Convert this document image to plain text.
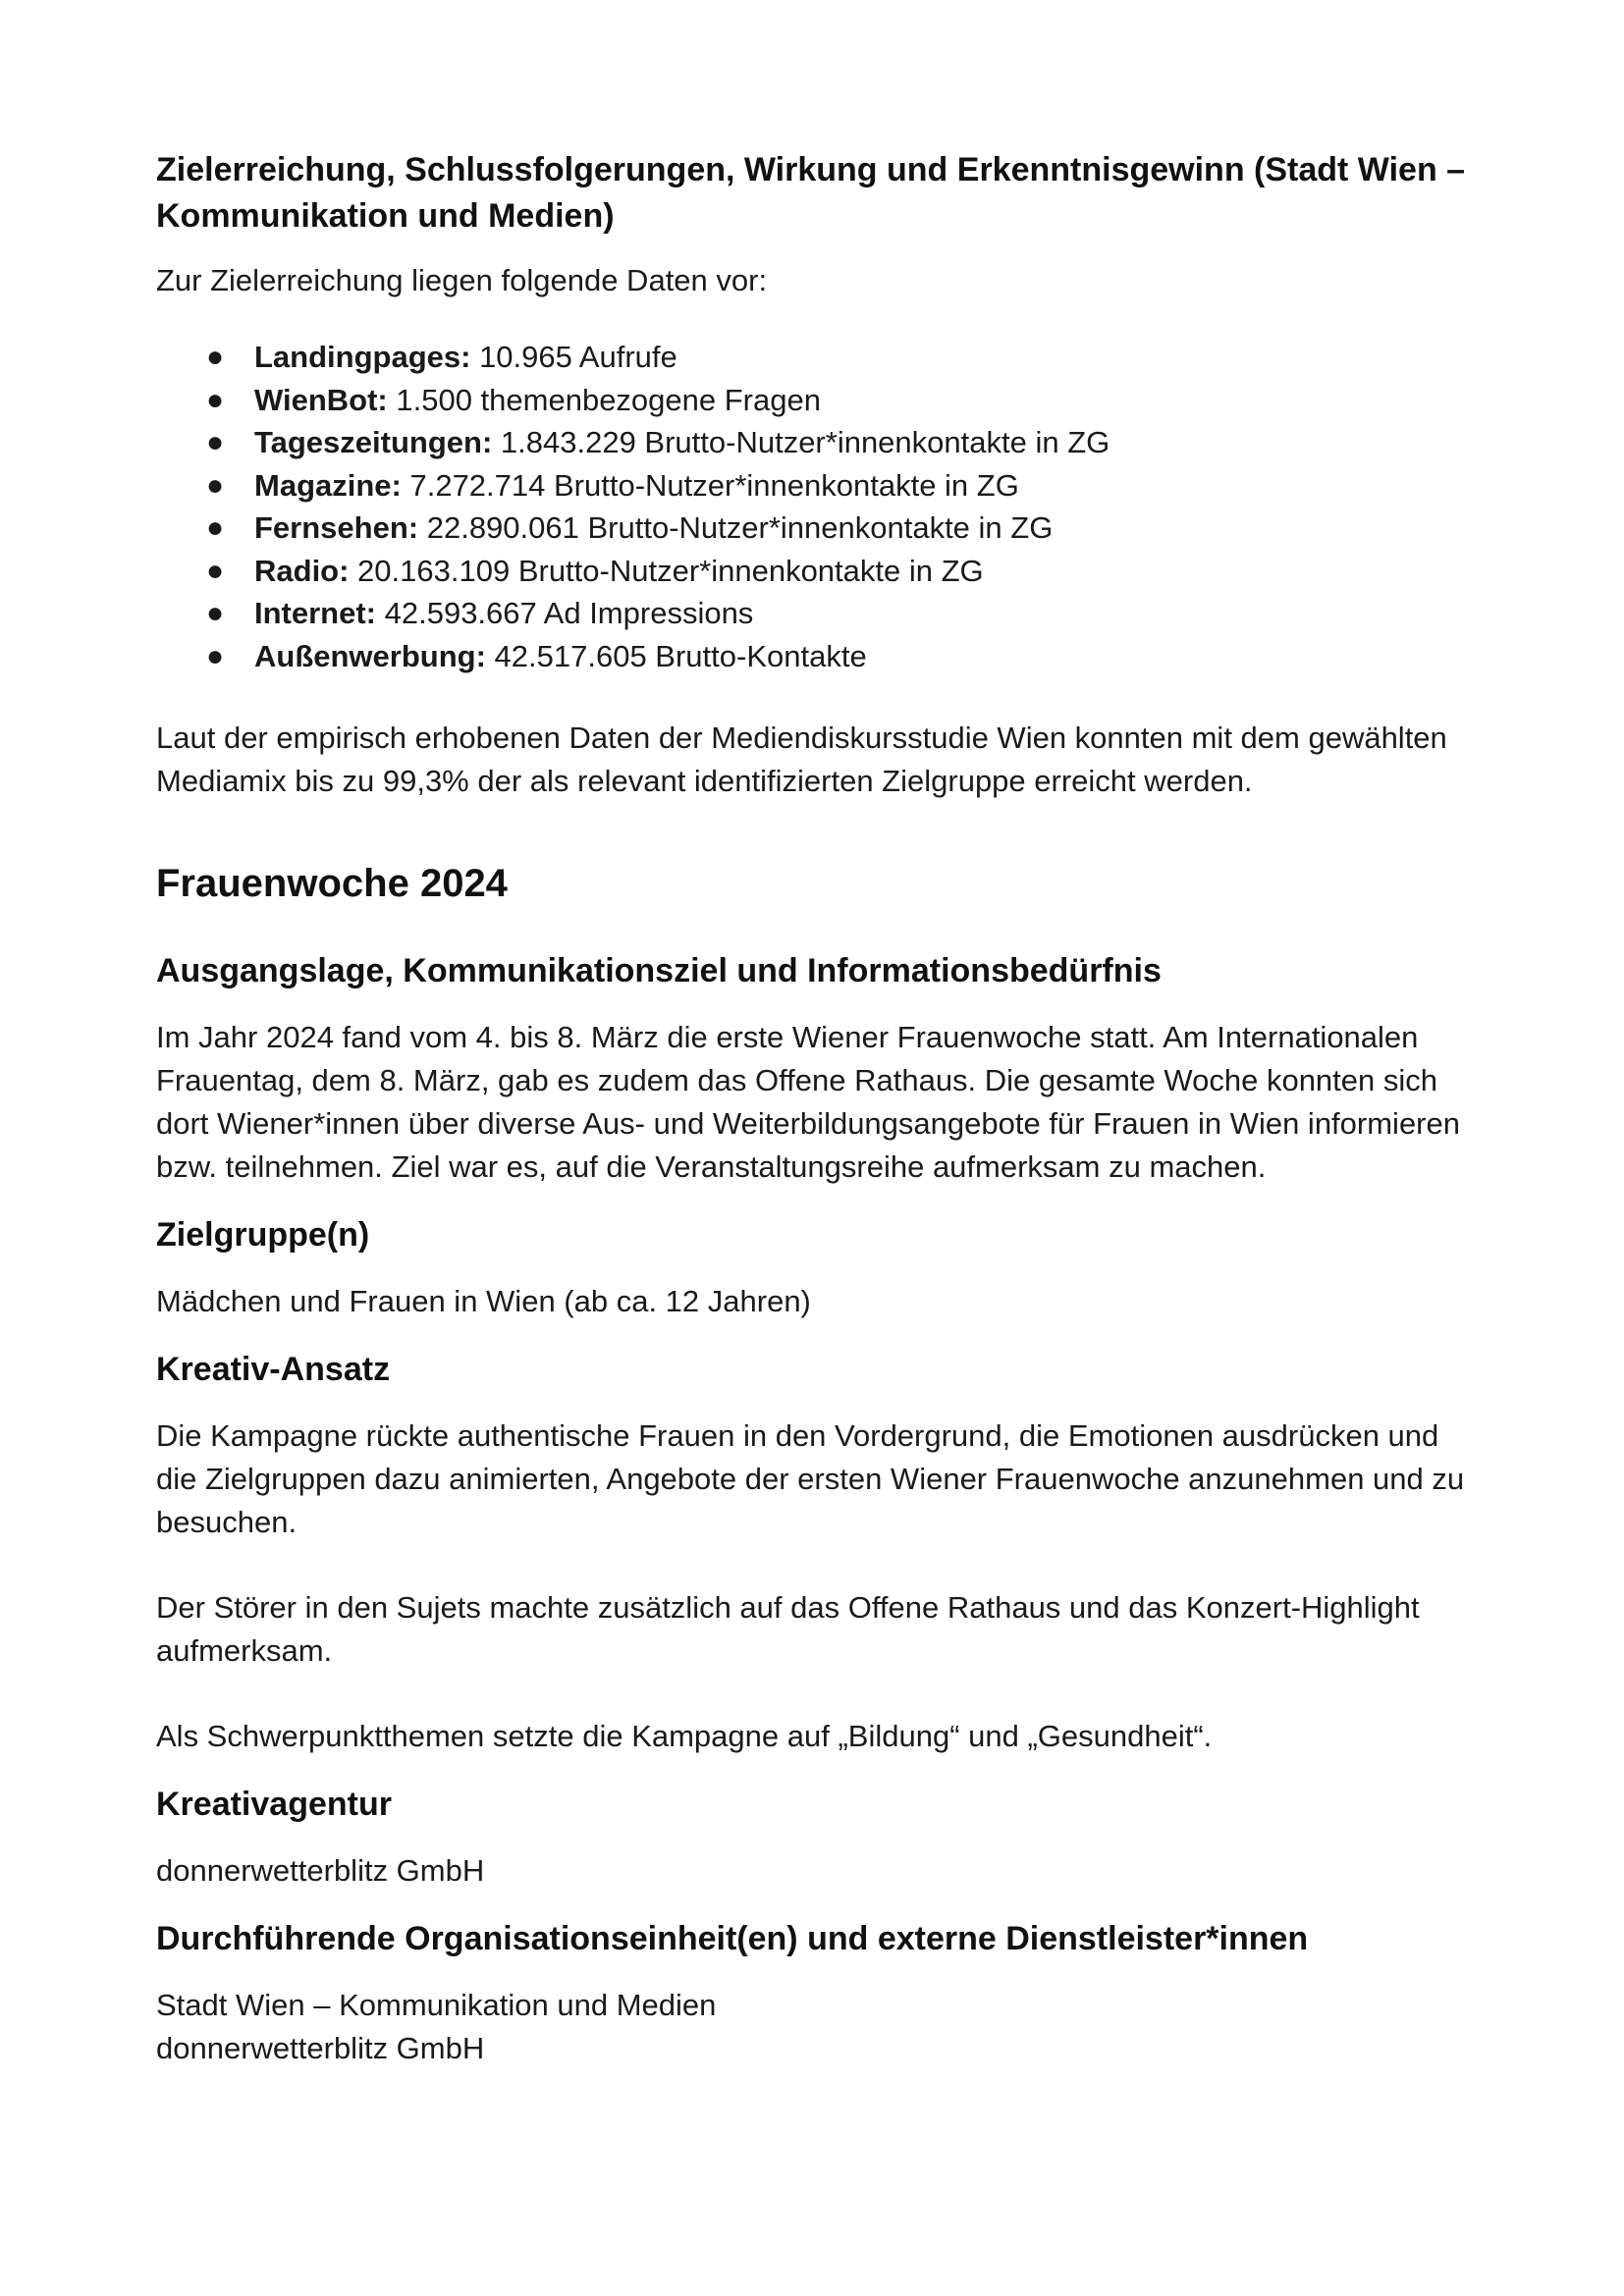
Zielerreichung, Schlussfolgerungen, Wirkung und Erkenntnisgewinn (Stadt Wien – Kommunikation und Medien)

Zur Zielerreichung liegen folgende Daten vor:

● Landingpages: 10.965 Aufrufe
● WienBot: 1.500 themenbezogene Fragen
● Tageszeitungen: 1.843.229 Brutto-Nutzer*innenkontakte in ZG
● Magazine: 7.272.714 Brutto-Nutzer*innenkontakte in ZG
● Fernsehen: 22.890.061 Brutto-Nutzer*innenkontakte in ZG
● Radio: 20.163.109 Brutto-Nutzer*innenkontakte in ZG
● Internet: 42.593.667 Ad Impressions
● Außenwerbung: 42.517.605 Brutto-Kontakte

Laut der empirisch erhobenen Daten der Mediendiskursstudie Wien konnten mit dem gewählten Mediamix bis zu 99,3% der als relevant identifizierten Zielgruppe erreicht werden.

Frauenwoche 2024
Ausgangslage, Kommunikationsziel und Informationsbedürfnis

Im Jahr 2024 fand vom 4. bis 8. März die erste Wiener Frauenwoche statt. Am Internationalen Frauentag, dem 8. März, gab es zudem das Offene Rathaus. Die gesamte Woche konnten sich dort Wiener*innen über diverse Aus- und Weiterbildungsangebote für Frauen in Wien informieren bzw. teilnehmen. Ziel war es, auf die Veranstaltungsreihe aufmerksam zu machen.

Zielgruppe(n)

Mädchen und Frauen in Wien (ab ca. 12 Jahren)

Kreativ-Ansatz

Die Kampagne rückte authentische Frauen in den Vordergrund, die Emotionen ausdrücken und die Zielgruppen dazu animierten, Angebote der ersten Wiener Frauenwoche anzunehmen und zu besuchen.

Der Störer in den Sujets machte zusätzlich auf das Offene Rathaus und das Konzert-Highlight aufmerksam.

Als Schwerpunktthemen setzte die Kampagne auf „Bildung“ und „Gesundheit“.

Kreativagentur

donnerwetterblitz GmbH

Durchführende Organisationseinheit(en) und externe Dienstleister*innen

Stadt Wien – Kommunikation und Medien

donnerwetterblitz GmbH
